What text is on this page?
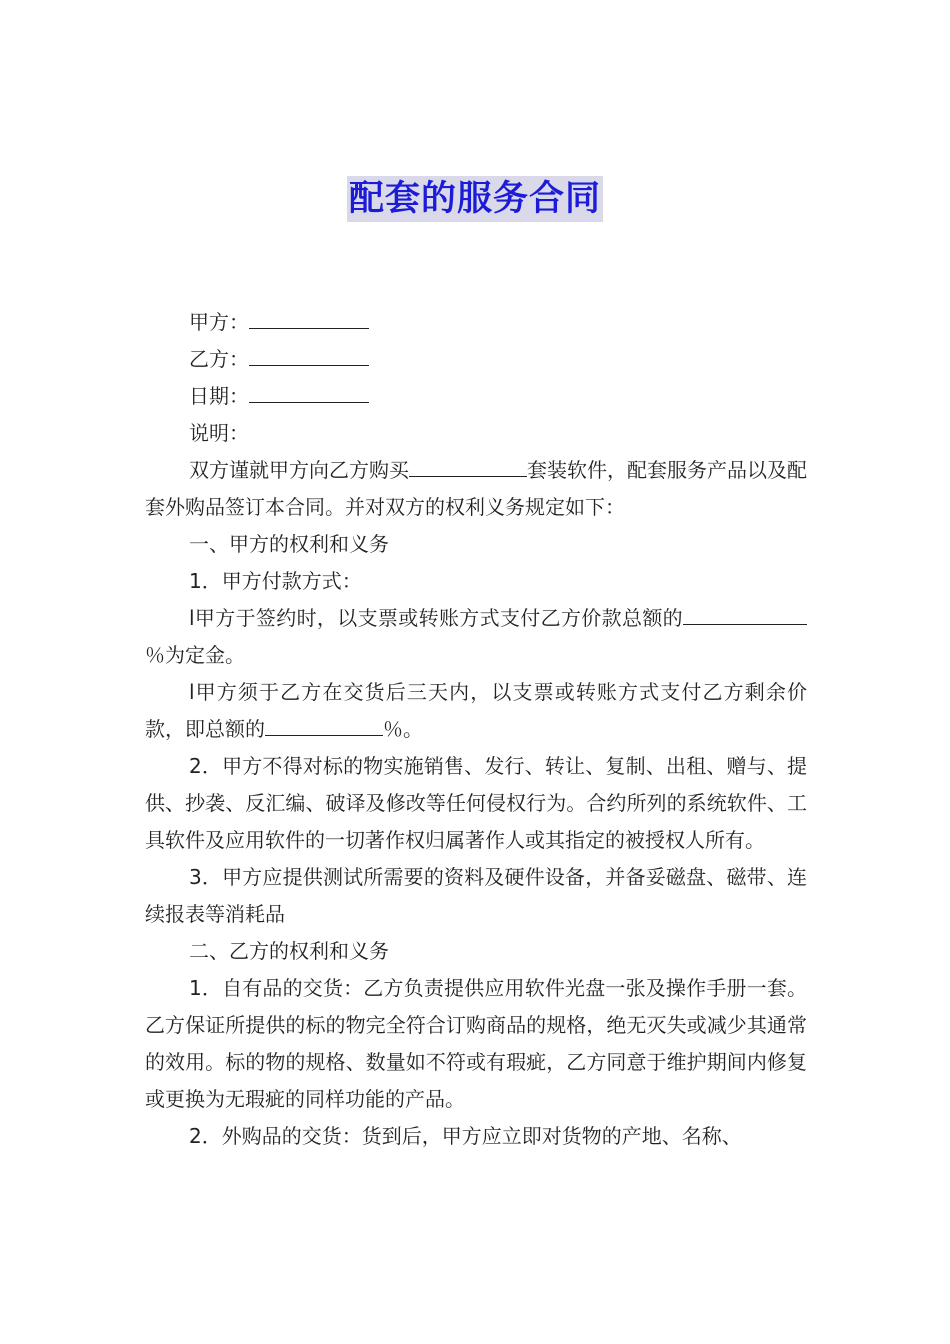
配套的服务合同

甲方：

乙方：

日期：

说明：

双方谨就甲方向乙方购买	套装软件，配套服务产品以及配套外购品签订本合同。并对双方的权利义务规定如下：

一、甲方的权利和义务

1．甲方付款方式：

l甲方于签约时，以支票或转账方式支付乙方价款总额的％为定金。

l甲方须于乙方在交货后三天内，以支票或转账方式支付乙方剩余价款，即总额的	％。

2．甲方不得对标的物实施销售、发行、转让、复制、出租、赠与、提供、抄袭、反汇编、破译及修改等任何侵权行为。合约所列的系统软件、工具软件及应用软件的一切著作权归属著作人或其指定的被授权人所有。

3．甲方应提供测试所需要的资料及硬件设备，并备妥磁盘、磁带、连续报表等消耗品

二、乙方的权利和义务

1．自有品的交货：乙方负责提供应用软件光盘一张及操作手册一套。乙方保证所提供的标的物完全符合订购商品的规格，绝无灭失或减少其通常的效用。标的物的规格、数量如不符或有瑕疵，乙方同意于维护期间内修复或更换为无瑕疵的同样功能的产品。

2．外购品的交货：货到后，甲方应立即对货物的产地、名称、
